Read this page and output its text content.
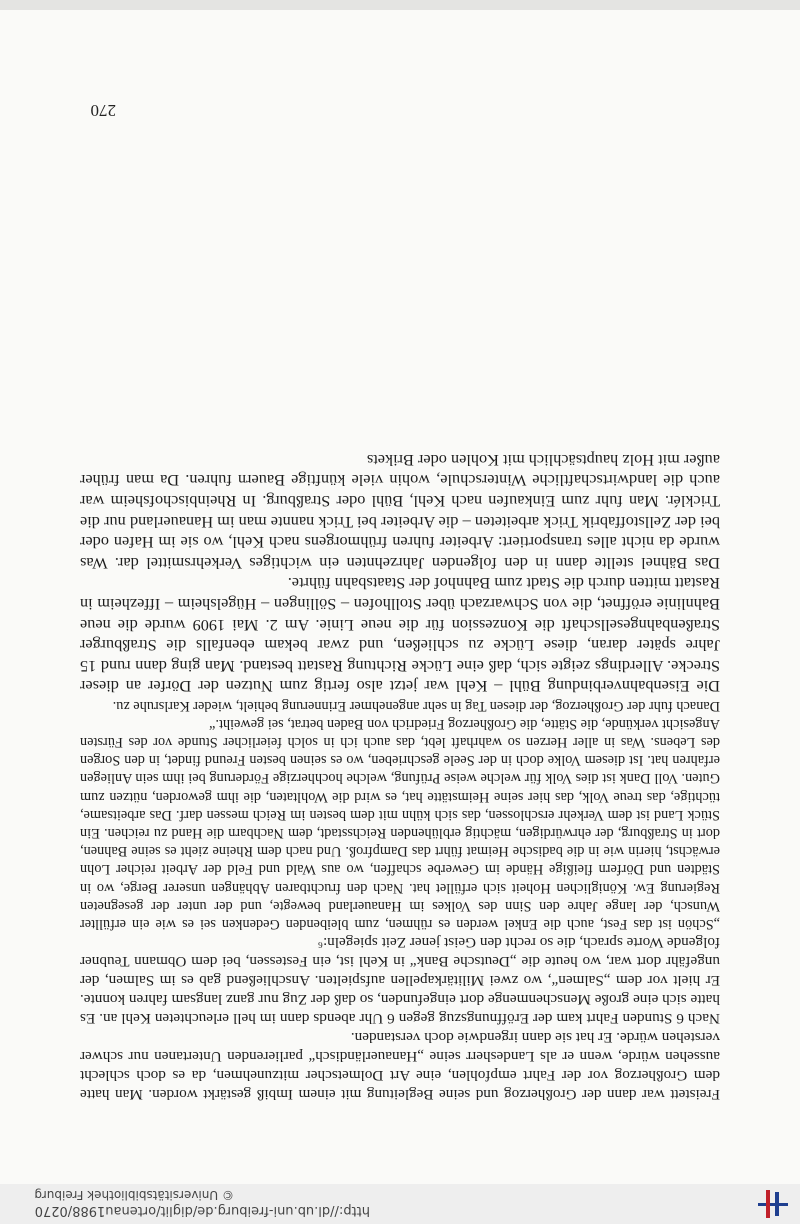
http://dl.ub.uni-freiburg.de/diglit/ortenau1988/0270
© Universitätsbibliothek Freiburg

Freistett war dann der Großherzog und seine Begleitung mit einem Imbiß gestärkt worden. Man hatte dem Großherzog vor der Fahrt empfohlen, eine Art Dolmetscher mitzunehmen, da es doch schlecht aussehen würde, wenn er als Landesherr seine „Hanauerländisch“ parlierenden Untertanen nur schwer verstehen würde. Er hat sie dann irgendwie doch verstanden.

Nach 6 Stunden Fahrt kam der Eröffnungszug gegen 6 Uhr abends dann im hell erleuchteten Kehl an. Es hatte sich eine große Menschenmenge dort eingefunden, so daß der Zug nur ganz langsam fahren konnte. Er hielt vor dem „Salmen“, wo zwei Militärkapellen aufspielten. Anschließend gab es im Salmen, der ungefähr dort war, wo heute die „Deutsche Bank“ in Kehl ist, ein Festessen, bei dem Obmann Teubner folgende Worte sprach, die so recht den Geist jener Zeit spiegeln:⁶

„Schön ist das Fest, auch die Enkel werden es rühmen, zum bleibenden Gedenken sei es wie ein erfüllter Wunsch, der lange Jahre den Sinn des Volkes im Hanauerland bewegte, und der unter der gesegneten Regierung Ew. Königlichen Hoheit sich erfüllet hat. Nach den fruchtbaren Abhängen unserer Berge, wo in Städten und Dörfern fleißige Hände im Gewerbe schaffen, wo aus Wald und Feld der Arbeit reicher Lohn erwächst, hierin wie in die badische Heimat führt das Dampfroß. Und nach dem Rheine zieht es seine Bahnen, dort in Straßburg, der ehrwürdigen, mächtig erblühenden Reichsstadt, dem Nachbarn die Hand zu reichen. Ein Stück Land ist dem Verkehr erschlossen, das sich kühn mit dem besten im Reich messen darf. Das arbeitsame, tüchtige, das treue Volk, das hier seine Heimstätte hat, es wird die Wohltaten, die ihm geworden, nützen zum Guten. Voll Dank ist dies Volk für welche weise Prüfung, welche hochherzige Förderung bei ihm sein Anliegen erfahren hat. Ist diesem Volke doch in der Seele geschrieben, wo es seinen besten Freund findet, in den Sorgen des Lebens. Was in aller Herzen so wahrhaft lebt, das auch ich in solch feierlicher Stunde vor des Fürsten Angesicht verkünde, die Stätte, die Großherzog Friedrich von Baden betrat, sei geweiht.“

Danach fuhr der Großherzog, der diesen Tag in sehr angenehmer Erinnerung behielt, wieder Karlsruhe zu.

Die Eisenbahnverbindung Bühl – Kehl war jetzt also fertig zum Nutzen der Dörfer an dieser Strecke. Allerdings zeigte sich, daß eine Lücke Richtung Rastatt bestand. Man ging dann rund 15 Jahre später daran, diese Lücke zu schließen, und zwar bekam ebenfalls die Straßburger Straßenbahngesellschaft die Konzession für die neue Linie. Am 2. Mai 1909 wurde die neue Bahnlinie eröffnet, die von Schwarzach über Stollhofen – Söllingen – Hügelsheim – Iffezheim in Rastatt mitten durch die Stadt zum Bahnhof der Staatsbahn führte.

Das Bähnel stellte dann in den folgenden Jahrzehnten ein wichtiges Verkehrsmittel dar. Was wurde da nicht alles transportiert: Arbeiter fuhren frühmorgens nach Kehl, wo sie im Hafen oder bei der Zellstoffabrik Trick arbeiteten – die Arbeiter bei Trick nannte man im Hanauerland nur die Tricklér. Man fuhr zum Einkaufen nach Kehl, Bühl oder Straßburg. In Rheinbischofsheim war auch die landwirtschaftliche Winterschule, wohin viele künftige Bauern fuhren. Da man früher außer mit Holz hauptsächlich mit Kohlen oder Brikets

270
